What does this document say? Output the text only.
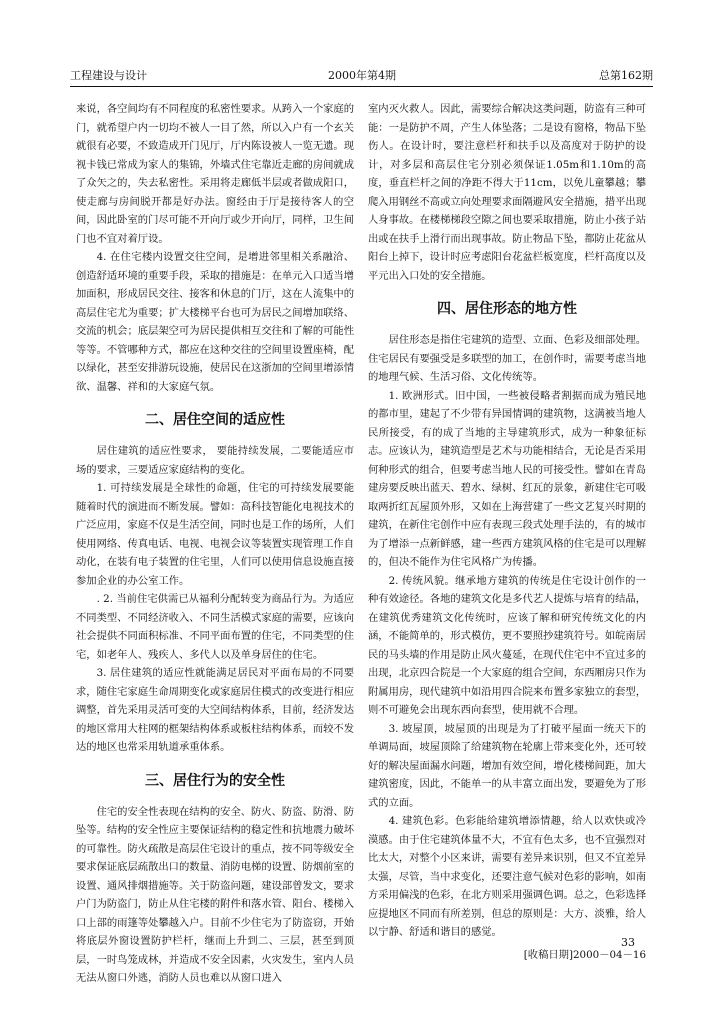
工程建设与设计	2000年第4期	总第162期

来说，各空间均有不同程度的私密性要求。从跨入一个家庭的门，就希望户内一切均不被人一目了然，所以入户有一个玄关就很有必要，不致造成开门见厅，厅内陈设被人一览无遗。现视卡钱已常成为家人的集锦，外墙式住宅靠近走廊的房间就成了众矢之的，失去私密性。采用将走廊低半层或者做成阳口，使走廊与房间脱开都是好办法。窗经由于厅是接待客人的空间，因此卧室的门尽可能不开向厅或少开向厅，同样，卫生间门也不宜对着厅设。

4. 在住宅楼内设置交往空间，是增进邻里相关系融洽、创造舒适环境的重要手段，采取的措施是：在单元入口适当增加面积，形成居民交往、接客和休息的门厅，这在人流集中的高层住宅尤为重要；扩大楼梯平台也可为居民之间增加联络、交流的机会；底层架空可为居民提供相互交往和了解的可能性等等。不管哪种方式，都应在这种交往的空间里设置座椅，配以绿化，甚至安排游玩设施，使居民在这浙加的空间里增添情欲、温馨、祥和的大家庭气氛。

二、居住空间的适应性

居住建筑的适应性要求， 要能持续发展，二要能适应市场的要求，三要适应家庭结构的变化。

1. 可持续发展是全球性的命题，住宅的可持续发展要能随着时代的演进而不断发展。譬如：高科技智能化电视技术的广泛应用，家庭不仅是生活空间，同时也是工作的场所，人们使用网络、传真电话、电视、电视会议等装置实现管理工作自动化，在装有电子装置的住宅里，人们可以使用信息设施直接参加企业的办公室工作。

. 2. 当前住宅供需已从福利分配转变为商品行为。为适应不同类型、不同经济收入、不同生活模式家庭的需要，应该向社会提供不同面积标准、不同平面布置的住宅，不同类型的住宅，如老年人、残疾人、多代人以及单身居住的住宅。

3. 居住建筑的适应性就能满足居民对平面布局的不同要求，随住宅家庭生命周期变化或家庭居住模式的改变进行相应调整，首先采用灵活可变的大空间结构体系，目前，经济发达的地区常用大柱网的框架结构体系或板柱结构体系，而较不发达的地区也常采用轨道承重体系。

三、居住行为的安全性

住宅的安全性表现在结构的安全、防火、防盗、防滑、防坠等。结构的安全性应主要保证结构的稳定性和抗地震力破坏的可靠性。防火疏散是高层住宅设计的重点，按不同等级安全要求保证底层疏散出口的数量、消防电梯的设置、防烟前室的设置、通风排烟措施等。关于防盗问题，建设部曾发文，要求户门为防盗门，防止从住宅楼的附件和落水管、阳台、楼梯入口上部的雨篷等处攀越入户。目前不少住宅为了防盗窃，开始将底层外窗设置防护栏杆，继而上升到二、三层，甚至到顶层，一时鸟笼成林，并造成不安全因素，火灾发生，室内人员无法从窗口外逃，消防人员也难以从窗口进入

室内灭火救人。因此，需要综合解决这类问题，防盗有三种可能：一是防护不周，产生人体坠落；二是设有窗格，物品下坠伤人。在设计时，要注意栏杆和扶手以及高度对于防护的设计，对多层和高层住宅分别必须保证1.05m和1.10m的高度，垂直栏杆之间的净距不得大于11cm，以免儿童攀越；攀爬入用钢丝不高或立向处理要求面隔避风安全措施，措平出现人身事故。在楼梯梯段空隙之间也要采取措施，防止小孩子站出或在扶手上滑行而出现事故。防止物品下坠，都防止花盆从阳台上掉下，设计时应考虑阳台花盆栏板宽度，栏杆高度以及平元出入口处的安全措施。

四、居住形态的地方性

居住形态是指住宅建筑的造型、立面、色彩及细部处理。住宅居民有要强受是多联型的加工，在创作时，需要考虑当地的地理气候、生活习俗、文化传统等。

1. 欧洲形式。旧中国，一些被侵略者割据而成为殖民地的都市里，建起了不少带有异国情调的建筑物，这满被当地人民所接受，有的成了当地的主导建筑形式，成为一种象征标志。应该认为，建筑造型是艺术与功能相结合，无论是否采用何种形式的组合，但要考虑当地人民的可接受性。譬如在青岛建房要反映出蓝天、碧水、绿树、红瓦的景象，新建住宅可吸取两折红瓦屋顶外形，又如在上海营建了一些文艺复兴时期的建筑，在新住宅创作中应有表现三段式处理手法的，有的城市为了增添一点新鲜感，建一些西方建筑风格的住宅是可以理解的，但决不能作为住宅风格广为传播。

2. 传统风貌。继承地方建筑的传统是住宅设计创作的一种有效途径。各地的建筑文化是多代艺人提炼与培育的结晶，在建筑优秀建筑文化传统时，应该了解和研究传统文化的内涵，不能简单的，形式模仿，更不要照抄建筑符号。如皖南居民的马头墙的作用是防止风火蔓延，在现代住宅中不宜过多的出现，北京四合院是一个大家庭的组合空间，东西厢房只作为附属用房，现代建筑中如沿用四合院来布置多家独立的套型，则不可避免会出现东西向套型，使用就不合理。

3. 坡屋顶，坡屋顶的出现是为了打破平屋面一统天下的单调局面，坡屋顶除了给建筑物在轮廓上带来变化外，还可较好的解决屋面漏水问题，增加有效空间，增化楼梯间距，加大建筑密度，因此，不能单一的从丰富立面出发，要避免为了形式的立面。

4. 建筑色彩。色彩能给建筑增添情趣，给人以欢快或冷漠感。由于住宅建筑体量不大，不宜有色太多，也不宜强烈对比太大，对整个小区来讲，需要有差异来识别，但又不宜差异太强，尽管，当中求变化，还要注意气候对色彩的影响，如南方采用偏浅的色彩，在北方则采用强调色调。总之，色彩选择应提地区不同而有所差别，但总的原则是：大方、淡雅，给人以宁静、舒适和谐目的感觉。

[收稿日期]2000－04－16

33
